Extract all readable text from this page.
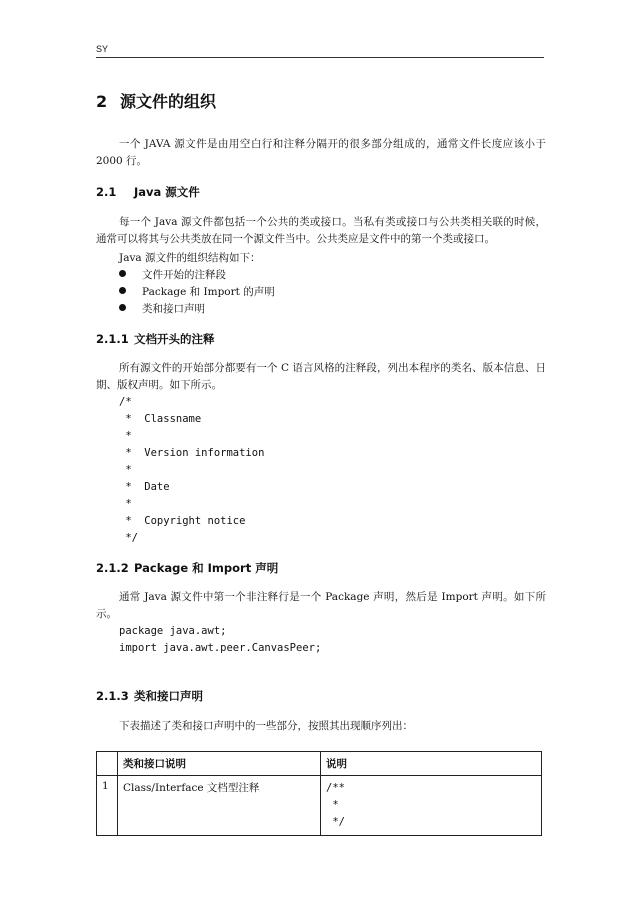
SY
2 源文件的组织

一个 JAVA 源文件是由用空白行和注释分隔开的很多部分组成的，通常文件长度应该小于 2000 行。

2.1 Java 源文件

每一个 Java 源文件都包括一个公共的类或接口。当私有类或接口与公共类相关联的时候，通常可以将其与公共类放在同一个源文件当中。公共类应是文件中的第一个类或接口。

Java 源文件的组织结构如下：
文件开始的注释段
Package 和 Import 的声明
类和接口声明
2.1.1 文档开头的注释

所有源文件的开始部分都要有一个 C 语言风格的注释段，列出本程序的类名、版本信息、日期、版权声明。如下所示。

/*
*  Classname
*
*  Version information
*
*  Date
*
*  Copyright notice
*/
2.1.2 Package 和 Import 声明

通常 Java 源文件中第一个非注释行是一个 Package 声明，然后是 Import 声明。如下所示。

package java.awt;
import java.awt.peer.CanvasPeer;
2.1.3 类和接口声明

下表描述了类和接口声明中的一些部分，按照其出现顺序列出：

	类和接口说明	说明
1	Class/Interface 文档型注释	/**
*
*/
